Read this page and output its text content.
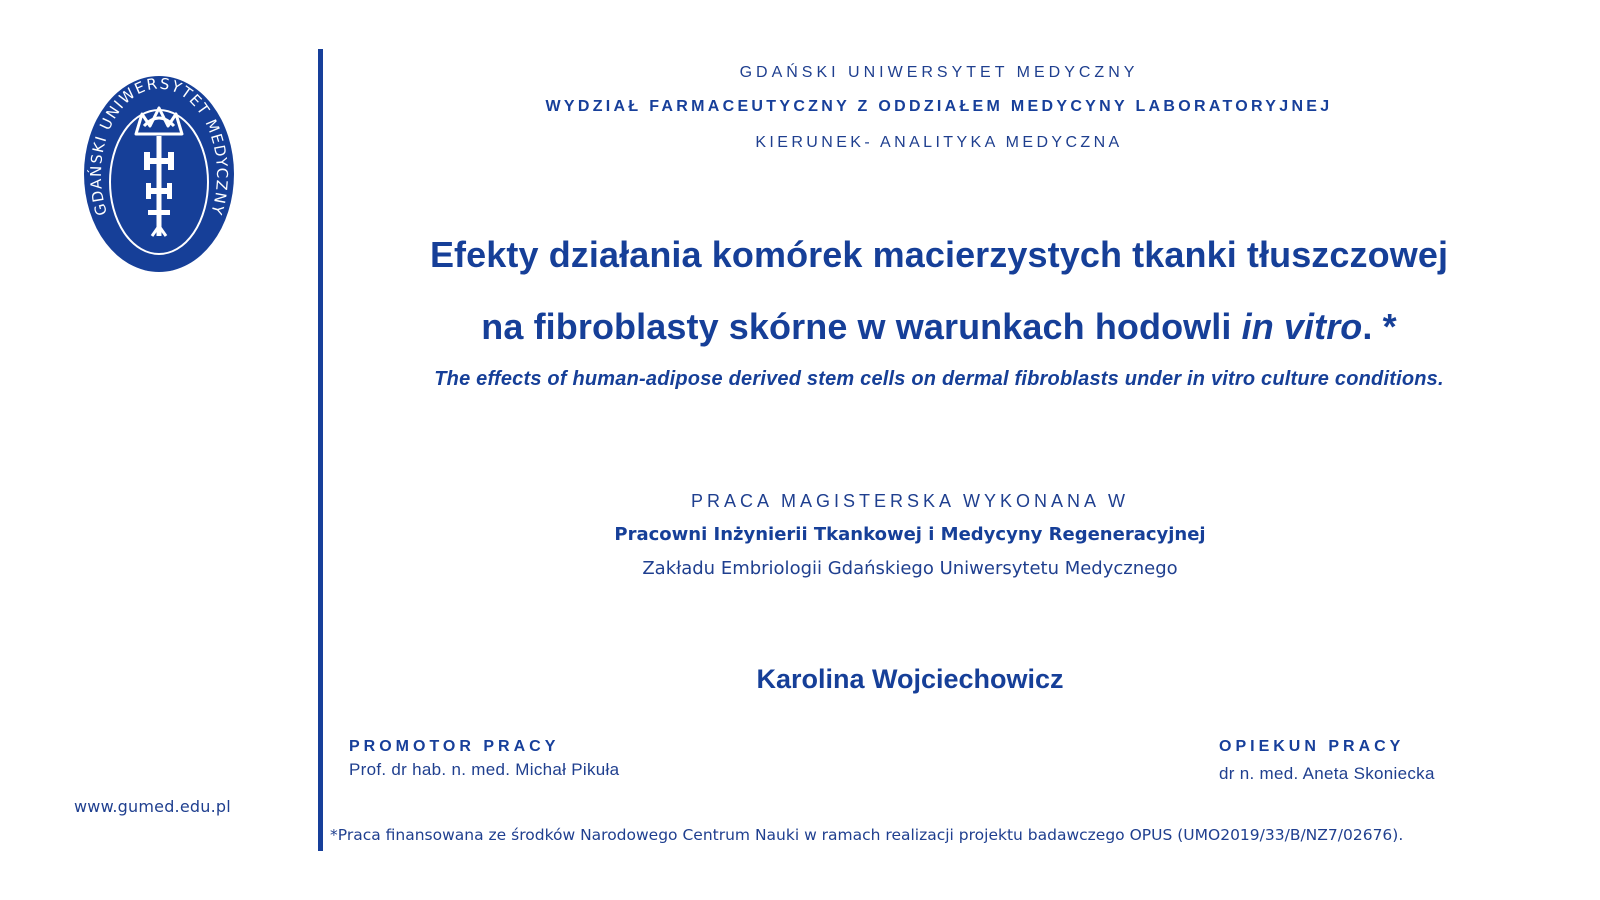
GDAŃSKI UNIWERSYTET MEDYCZNY
www.gumed.edu.pl
GDAŃSKI UNIWERSYTET MEDYCZNY
WYDZIAŁ FARMACEUTYCZNY Z ODDZIAŁEM MEDYCYNY LABORATORYJNEJ
KIERUNEK- ANALITYKA MEDYCZNA
Efekty działania komórek macierzystych tkanki tłuszczowej
na fibroblasty skórne w warunkach hodowli in vitro. *
The effects of human-adipose derived stem cells on dermal fibroblasts under in vitro culture conditions.
PRACA MAGISTERSKA WYKONANA W
Pracowni Inżynierii Tkankowej i Medycyny Regeneracyjnej
Zakładu Embriologii Gdańskiego Uniwersytetu Medycznego
Karolina Wojciechowicz
PROMOTOR PRACY
Prof. dr hab. n. med. Michał Pikuła
OPIEKUN PRACY
dr n. med. Aneta Skoniecka
*Praca finansowana ze środków Narodowego Centrum Nauki w ramach realizacji projektu badawczego OPUS (UMO2019/33/B/NZ7/02676).
